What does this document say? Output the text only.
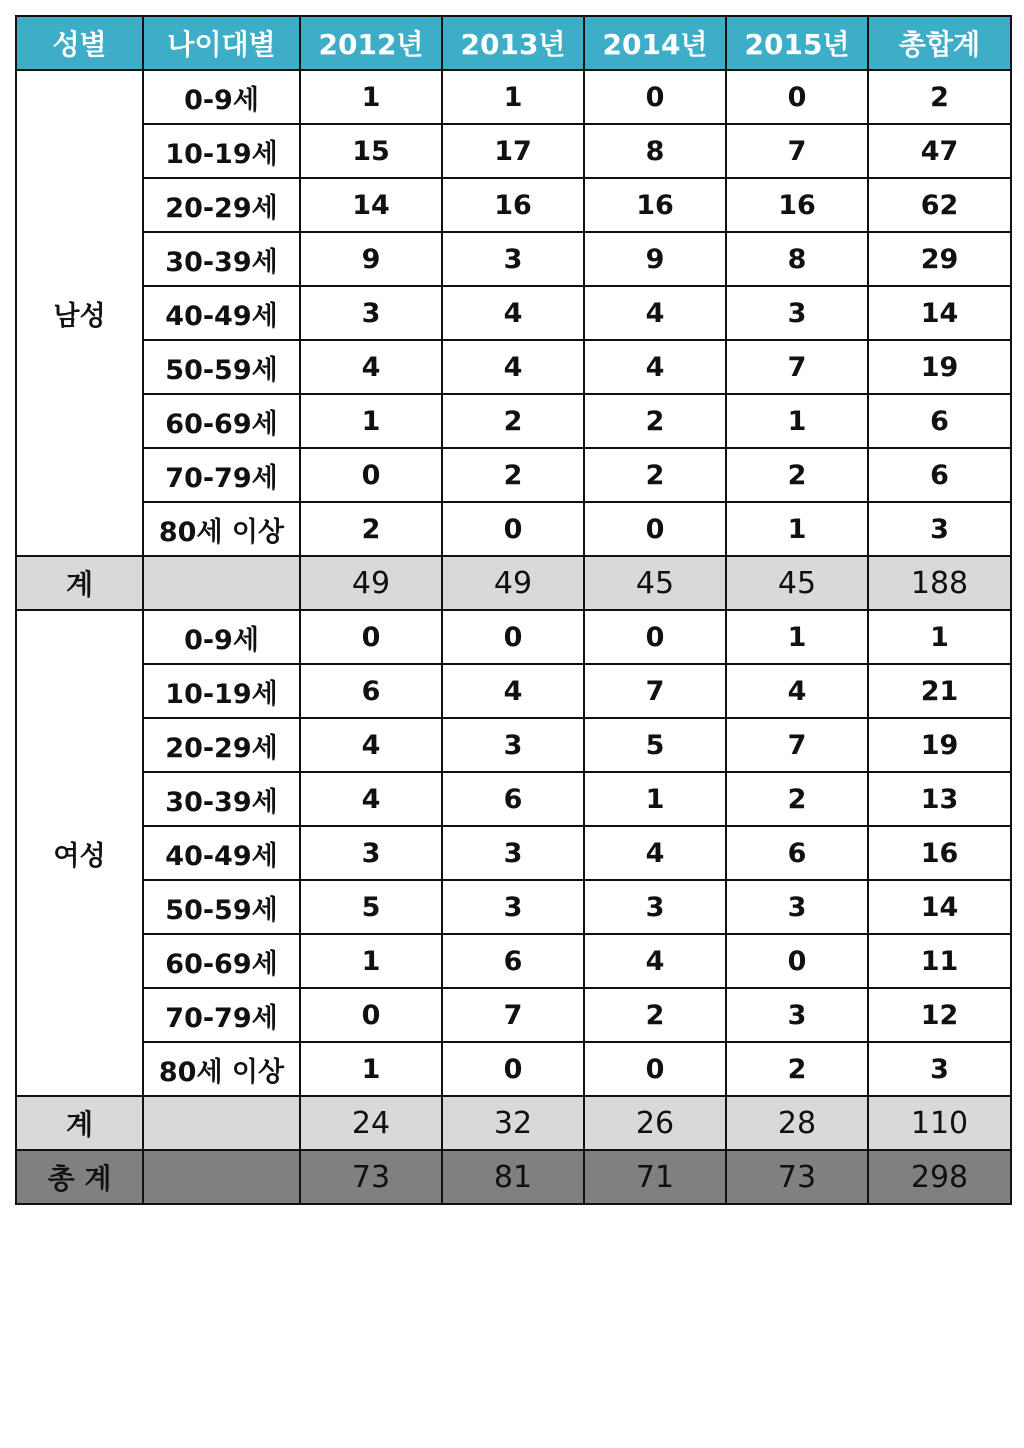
성별	나이대별	2012년	2013년	2014년	2015년	총합계
남성	0-9세	1	1	0	0	2
	10-19세	15	17	8	7	47
	20-29세	14	16	16	16	62
	30-39세	9	3	9	8	29
	40-49세	3	4	4	3	14
	50-59세	4	4	4	7	19
	60-69세	1	2	2	1	6
	70-79세	0	2	2	2	6
	80세 이상	2	0	0	1	3
계		49	49	45	45	188
여성	0-9세	0	0	0	1	1
	10-19세	6	4	7	4	21
	20-29세	4	3	5	7	19
	30-39세	4	6	1	2	13
	40-49세	3	3	4	6	16
	50-59세	5	3	3	3	14
	60-69세	1	6	4	0	11
	70-79세	0	7	2	3	12
	80세 이상	1	0	0	2	3
계		24	32	26	28	110
총 계		73	81	71	73	298
